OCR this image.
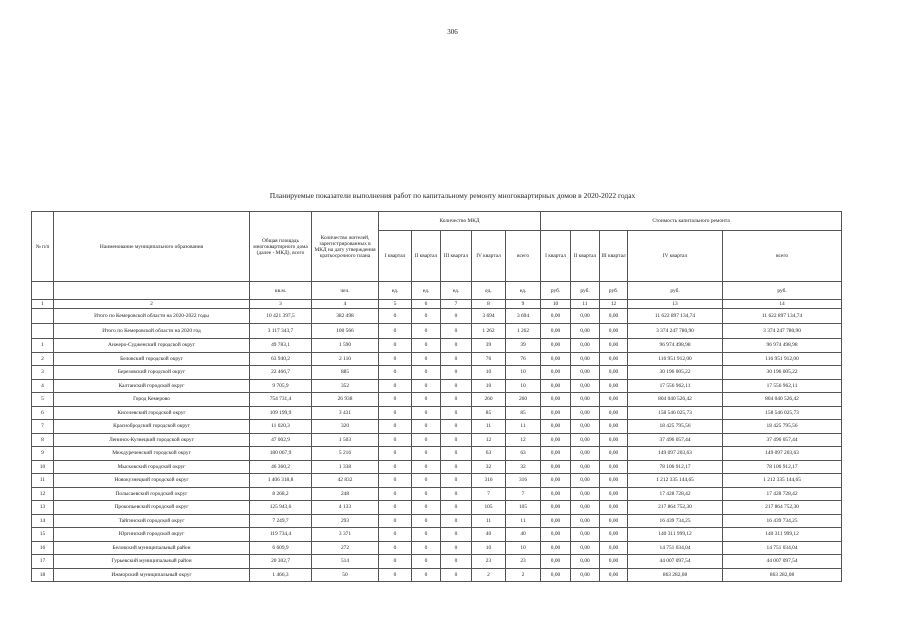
306
Планируемые показатели выполнения работ по капитальному ремонту многоквартирных домов в 2020-2022 годах
№ п/п	Наименование муниципального образования	Общая площадь многоквартирного дома (далее - МКД), всего	Количество жителей, зарегистрированных в МКД на дату утверждения краткосрочного плана	Количество МКД					Стоимость капитального ремонта				
				I квартал	II квартал	III квартал	IV квартал	всего	I квартал	II квартал	III квартал	IV квартал	всего
		кв.м.	чел.	ед.	ед.	ед.	ед.	ед.	руб.	руб.	руб.	руб.	руб.
1	2	3	4	5	6	7	8	9	10	11	12	13	14
	Итого по Кемеровской области на 2020-2022 годы	10 421 397,5	382 498	0	0	0	3 694	3 694	0,00	0,00	0,00	11 622 897 134,74	11 622 897 134,74
	Итого по Кемеровской области на 2020 год	3 117 343,7	100 566	0	0	0	1 262	1 262	0,00	0,00	0,00	3 374 247 780,90	3 374 247 780,90
1	Анжеро-Судженский городской округ	49 783,1	1 590	0	0	0	39	39	0,00	0,00	0,00	96 974 498,98	96 974 498,98
2	Беловский городской округ	63 940,2	2 110	0	0	0	76	76	0,00	0,00	0,00	116 951 912,00	116 951 912,00
3	Березовский городской округ	22 466,7	885	0	0	0	10	10	0,00	0,00	0,00	30 196 005,22	30 196 005,22
4	Калтанский городской округ	9 705,9	352	0	0	0	10	10	0,00	0,00	0,00	17 556 962,11	17 556 962,11
5	Город Кемерово	754 731,4	26 938	0	0	0	260	260	0,00	0,00	0,00	804 040 526,42	804 040 526,42
6	Киселевский городской округ	109 199,9	3 431	0	0	0	85	85	0,00	0,00	0,00	158 546 025,73	158 546 025,73
7	Краснобродский городской округ	11 020,3	320	0	0	0	11	11	0,00	0,00	0,00	18 425 795,56	18 425 795,56
8	Ленинск-Кузнецкий городской округ	47 002,9	1 503	0	0	0	12	12	0,00	0,00	0,00	37 496 057,44	37 496 057,44
9	Междуреченский городской округ	180 067,9	5 216	0	0	0	63	63	0,00	0,00	0,00	149 097 203,63	149 097 203,63
10	Мысковский городской округ	46 360,2	1 338	0	0	0	32	32	0,00	0,00	0,00	78 106 912,17	78 106 912,17
11	Новокузнецкий городской округ	1 406 318,8	42 832	0	0	0	316	316	0,00	0,00	0,00	1 212 335 144,65	1 212 335 144,65
12	Полысаевский городской округ	8 268,2	248	0	0	0	7	7	0,00	0,00	0,00	17 428 728,42	17 428 728,42
13	Прокопьевский городской округ	125 943,6	4 133	0	0	0	105	105	0,00	0,00	0,00	217 864 752,30	217 864 752,30
14	Тайгинский городской округ	7 249,7	293	0	0	0	11	11	0,00	0,00	0,00	16 439 734,25	16 439 734,25
15	Юргинский городской округ	119 734,4	3 371	0	0	0	40	40	0,00	0,00	0,00	140 311 999,12	140 311 999,12
16	Беловский муниципальный район	6 609,9	272	0	0	0	10	10	0,00	0,00	0,00	14 751 034,04	14 751 034,04
17	Гурьевский муниципальный район	20 302,7	514	0	0	0	23	23	0,00	0,00	0,00	44 007 097,54	44 007 097,54
18	Ижморский муниципальный округ	1 466,3	50	0	0	0	2	2	0,00	0,00	0,00	863 282,08	863 282,08
